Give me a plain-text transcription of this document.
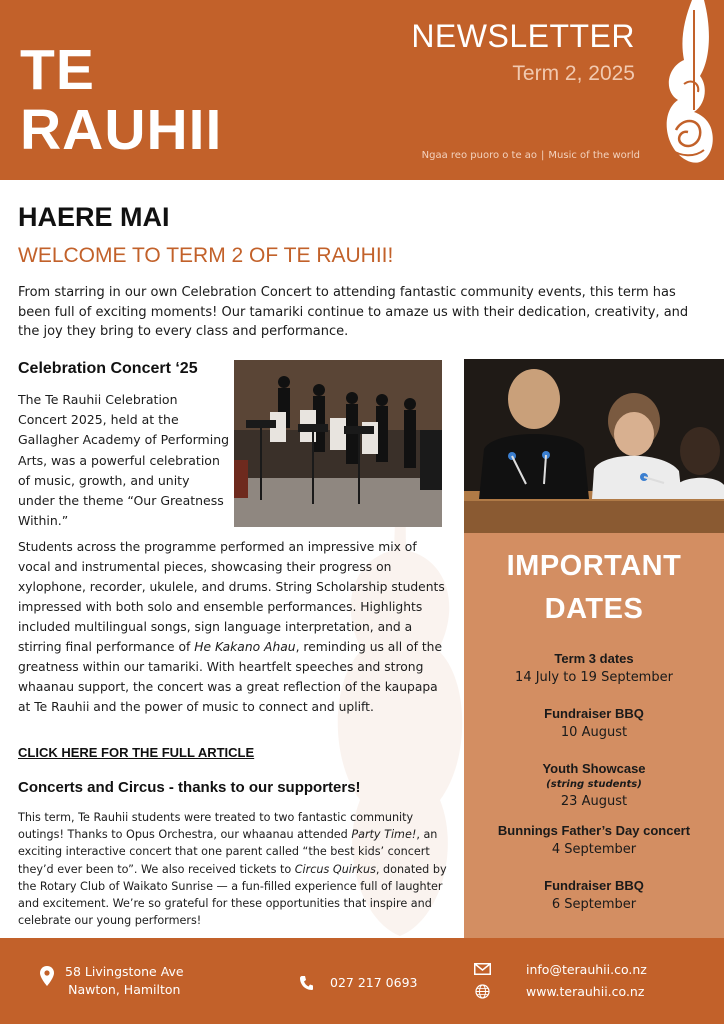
TE
RAUHII
NEWSLETTER
Term 2, 2025
Ngaa reo puoro o te ao | Music of the world
HAERE MAI
WELCOME TO TERM 2 OF TE RAUHII!

From starring in our own Celebration Concert to attending fantastic community events, this term has been full of exciting moments! Our tamariki continue to amaze us with their dedication, creativity, and the joy they bring to every class and performance.

Celebration Concert ‘25

The Te Rauhii Celebration Concert 2025, held at the Gallagher Academy of Performing Arts, was a powerful celebration of music, growth, and unity under the theme “Our Greatness Within.”

Students across the programme performed an impressive mix of vocal and instrumental pieces, showcasing their progress on xylophone, recorder, ukulele, and drums. String Scholarship students impressed with both solo and ensemble performances. Highlights included multilingual songs, sign language interpretation, and a stirring final performance of He Kakano Ahau, reminding us all of the greatness within our tamariki. With heartfelt speeches and strong whaanau support, the concert was a great reflection of the kaupapa at Te Rauhii and the power of music to connect and uplift.

CLICK HERE FOR THE FULL ARTICLE
Concerts and Circus - thanks to our supporters!

This term, Te Rauhii students were treated to two fantastic community outings! Thanks to Opus Orchestra, our whaanau attended Party Time!, an exciting interactive concert that one parent called “the best kids’ concert they’d ever been to”. We also received tickets to Circus Quirkus, donated by the Rotary Club of Waikato Sunrise — a fun-filled experience full of laughter and excitement. We’re so grateful for these opportunities that inspire and celebrate our young performers!

IMPORTANT
DATES
Term 3 dates
14 July to 19 September
Fundraiser BBQ
10 August
Youth Showcase
(string students)
23 August
Bunnings Father’s Day concert
4 September
Fundraiser BBQ
6 September
58 Livingstone Ave
Nawton, Hamilton	027 217 0693
info@terauhii.co.nz
www.terauhii.co.nz
